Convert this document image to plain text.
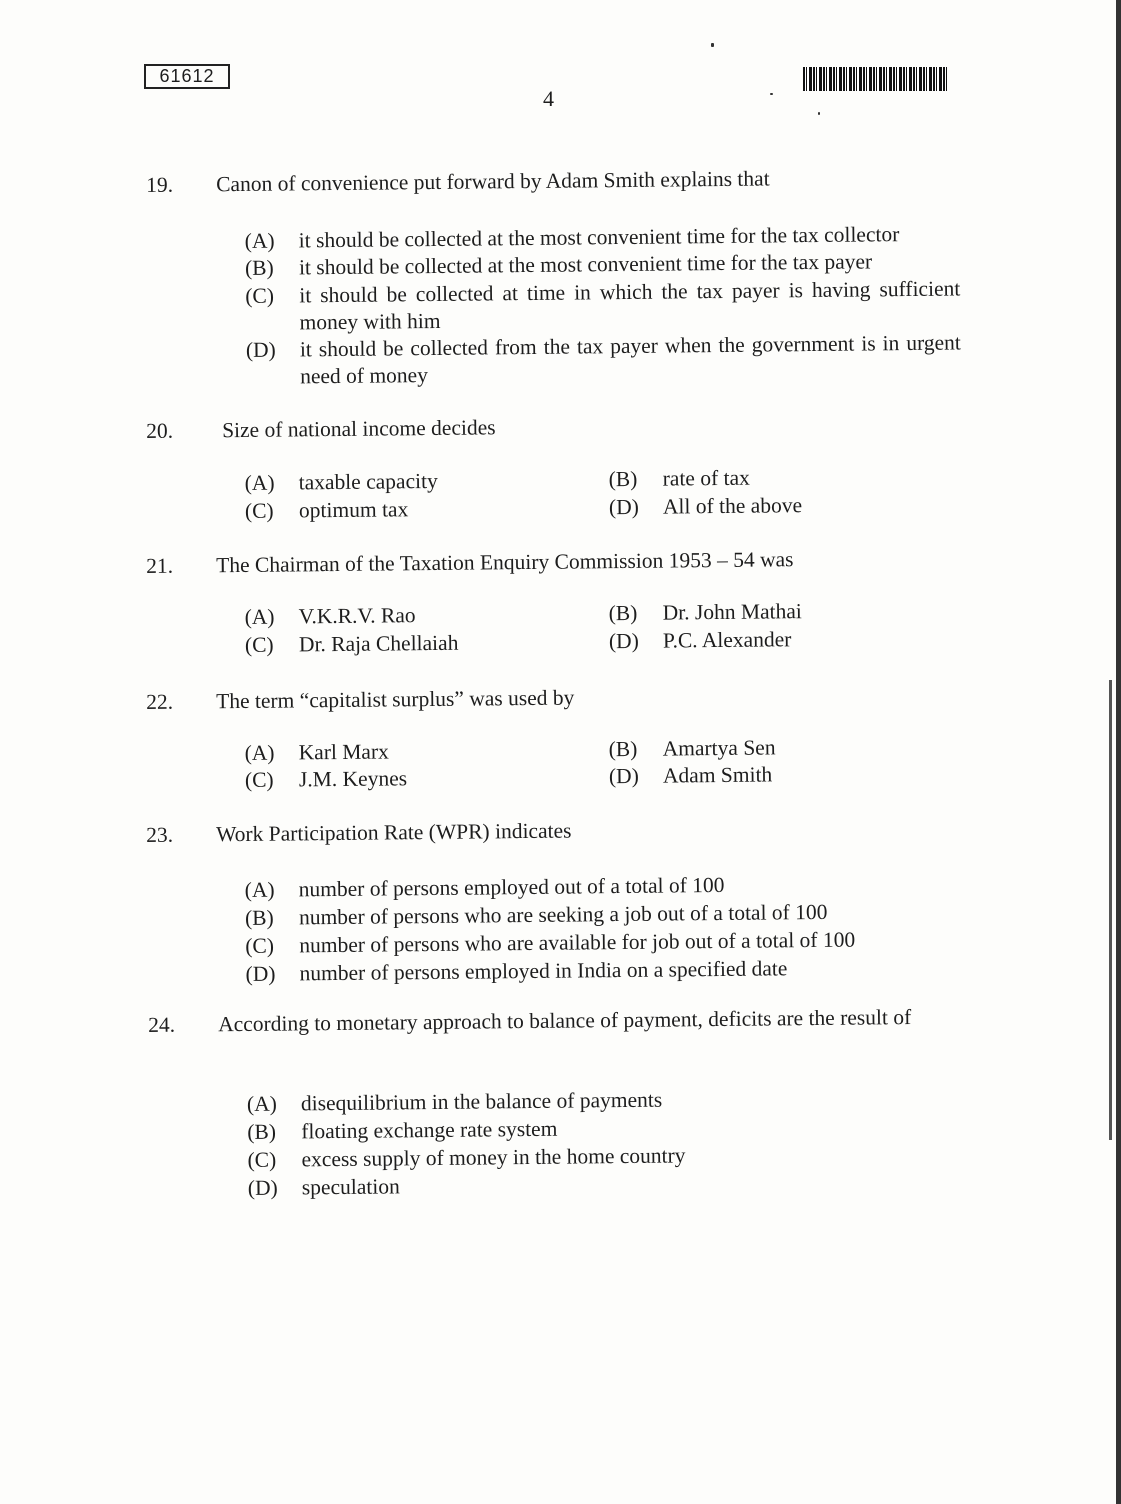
61612
4
19. Canon of convenience put forward by Adam Smith explains that
(A) it should be collected at the most convenient time for the tax collector
(B) it should be collected at the most convenient time for the tax payer
(C)	it should be collected at time in which the tax payer is having sufficient money with him
(D)	it should be collected from the tax payer when the government is in urgent need of money
20. Size of national income decides
(A) taxable capacity	(B) rate of tax
(C) optimum tax	(D) All of the above
21. The Chairman of the Taxation Enquiry Commission 1953 – 54 was
(A) V.K.R.V. Rao	(B) Dr. John Mathai
(C) Dr. Raja Chellaiah	(D) P.C. Alexander
22. The term “capitalist surplus” was used by
(A) Karl Marx	(B) Amartya Sen
(C) J.M. Keynes	(D) Adam Smith
23. Work Participation Rate (WPR) indicates
(A) number of persons employed out of a total of 100
(B) number of persons who are seeking a job out of a total of 100
(C) number of persons who are available for job out of a total of 100
(D) number of persons employed in India on a specified date
24. According to monetary approach to balance of payment, deficits are the result of
(A) disequilibrium in the balance of payments
(B) floating exchange rate system
(C) excess supply of money in the home country
(D) speculation
